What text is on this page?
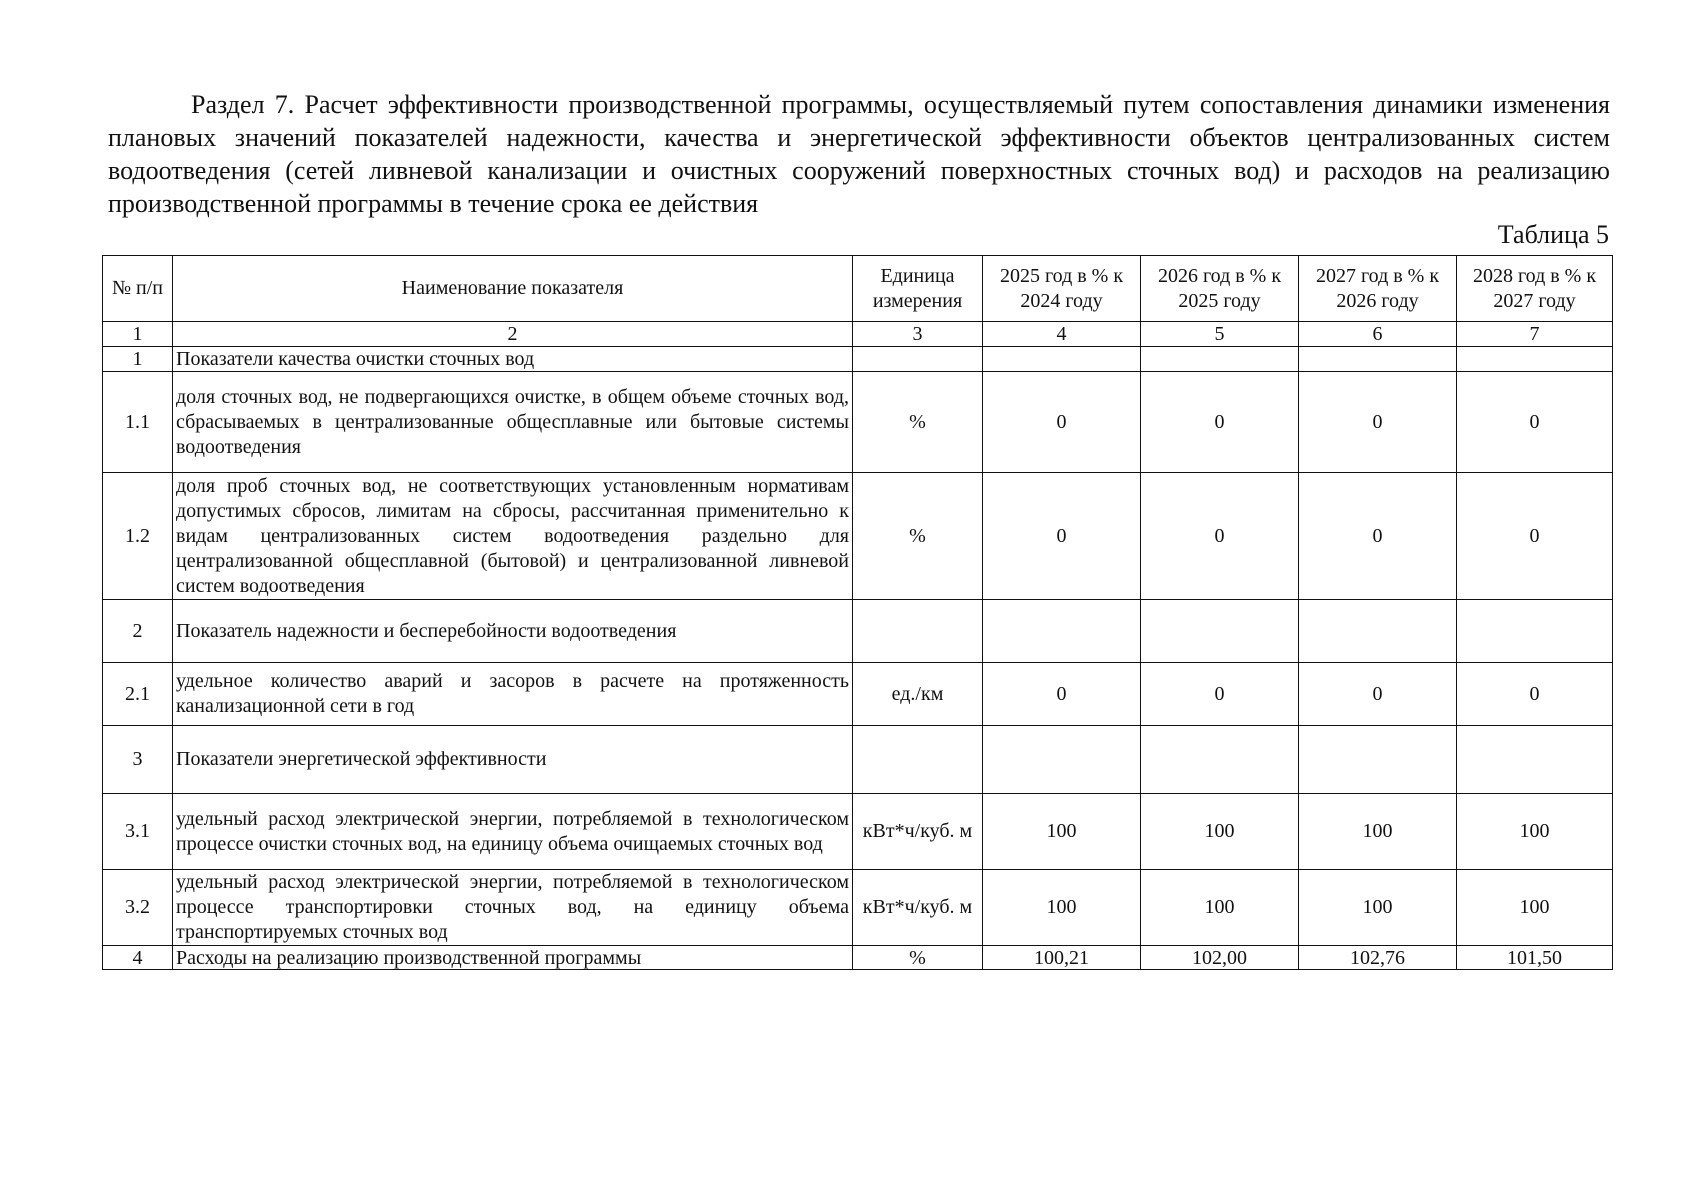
Раздел 7. Расчет эффективности производственной программы, осуществляемый путем сопоставления динамики изменения плановых значений показателей надежности, качества и энергетической эффективности объектов централизованных систем водоотведения (сетей ливневой канализации и очистных сооружений поверхностных сточных вод) и расходов на реализацию производственной программы в течение срока ее действия
Таблица 5
№ п/п	Наименование показателя	Единица измерения	2025 год в % к 2024 году	2026 год в % к 2025 году	2027 год в % к 2026 году	2028 год в % к 2027 году
1	2	3	4	5	6	7
1	Показатели качества очистки сточных вод					
1.1	доля сточных вод, не подвергающихся очистке, в общем объеме сточных вод, сбрасываемых в централизованные общесплавные или бытовые системы водоотведения	%	0	0	0	0
1.2	доля проб сточных вод, не соответствующих установленным нормативам допустимых сбросов, лимитам на сбросы, рассчитанная применительно к видам централизованных систем водоотведения раздельно для централизованной общесплавной (бытовой) и централизованной ливневой систем водоотведения	%	0	0	0	0
2	Показатель надежности и бесперебойности водоотведения					
2.1	удельное количество аварий и засоров в расчете на протяженность канализационной сети в год	ед./км	0	0	0	0
3	Показатели энергетической эффективности					
3.1	удельный расход электрической энергии, потребляемой в технологическом процессе очистки сточных вод, на единицу объема очищаемых сточных вод	кВт*ч/куб. м	100	100	100	100
3.2	удельный расход электрической энергии, потребляемой в технологическом процессе транспортировки сточных вод, на единицу объема транспортируемых сточных вод	кВт*ч/куб. м	100	100	100	100
4	Расходы на реализацию производственной программы	%	100,21	102,00	102,76	101,50
